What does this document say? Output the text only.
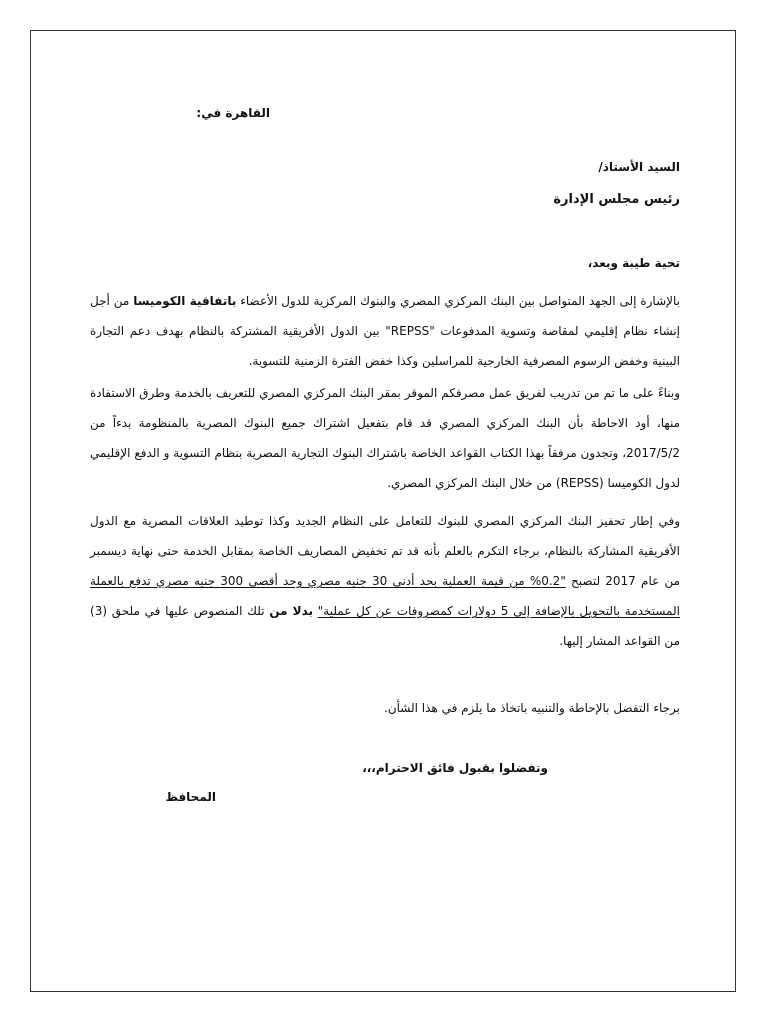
القاهرة في:
السيد الأستاذ/
رئيس مجلس الإدارة
تحية طيبة وبعد،
بالإشارة إلى الجهد المتواصل بين البنك المركزي المصري والبنوك المركزية للدول الأعضاء باتفاقية الكوميسا من أجل إنشاء نظام إقليمي لمقاصة وتسوية المدفوعات "REPSS" بين الدول الأفريقية المشتركة بالنظام بهدف دعم التجارة البينية وخفض الرسوم المصرفية الخارجية للمراسلين وكذا خفض الفترة الزمنية للتسوية.
وبناءً على ما تم من تدريب لفريق عمل مصرفكم الموقر بمقر البنك المركزي المصري للتعريف بالخدمة وطرق الاستفادة منها، أود الاحاطة بأن البنك المركزي المصري قد قام بتفعيل اشتراك جميع البنوك المصرية بالمنظومة بدءاً من 2017/5/2، وتجدون مرفقاً بهذا الكتاب القواعد الخاصة باشتراك البنوك التجارية المصرية بنظام التسوية و الدفع الإقليمي لدول الكوميسا (REPSS) من خلال البنك المركزي المصري.
وفي إطار تحفيز البنك المركزي المصري للبنوك للتعامل على النظام الجديد وكذا توطيد العلاقات المصرية مع الدول الأفريقية المشاركة بالنظام، برجاء التكرم بالعلم بأنه قد تم تخفيض المصاريف الخاصة بمقابل الخدمة حتى نهاية ديسمبر من عام 2017 لتصبح "0.2% من قيمة العملية بحد أدنى 30 جنيه مصري وحد أقصى 300 جنيه مصري تدفع بالعملة المستخدمة بالتحويل بالإضافة إلى 5 دولارات كمصروفات عن كل عملية" بدلا من تلك المنصوص عليها في ملحق (3) من القواعد المشار إليها.
برجاء التفضل بالإحاطة والتنبيه باتخاذ ما يلزم في هذا الشأن.
وتفضلوا بقبول فائق الاحترام،،،
المحافظ
